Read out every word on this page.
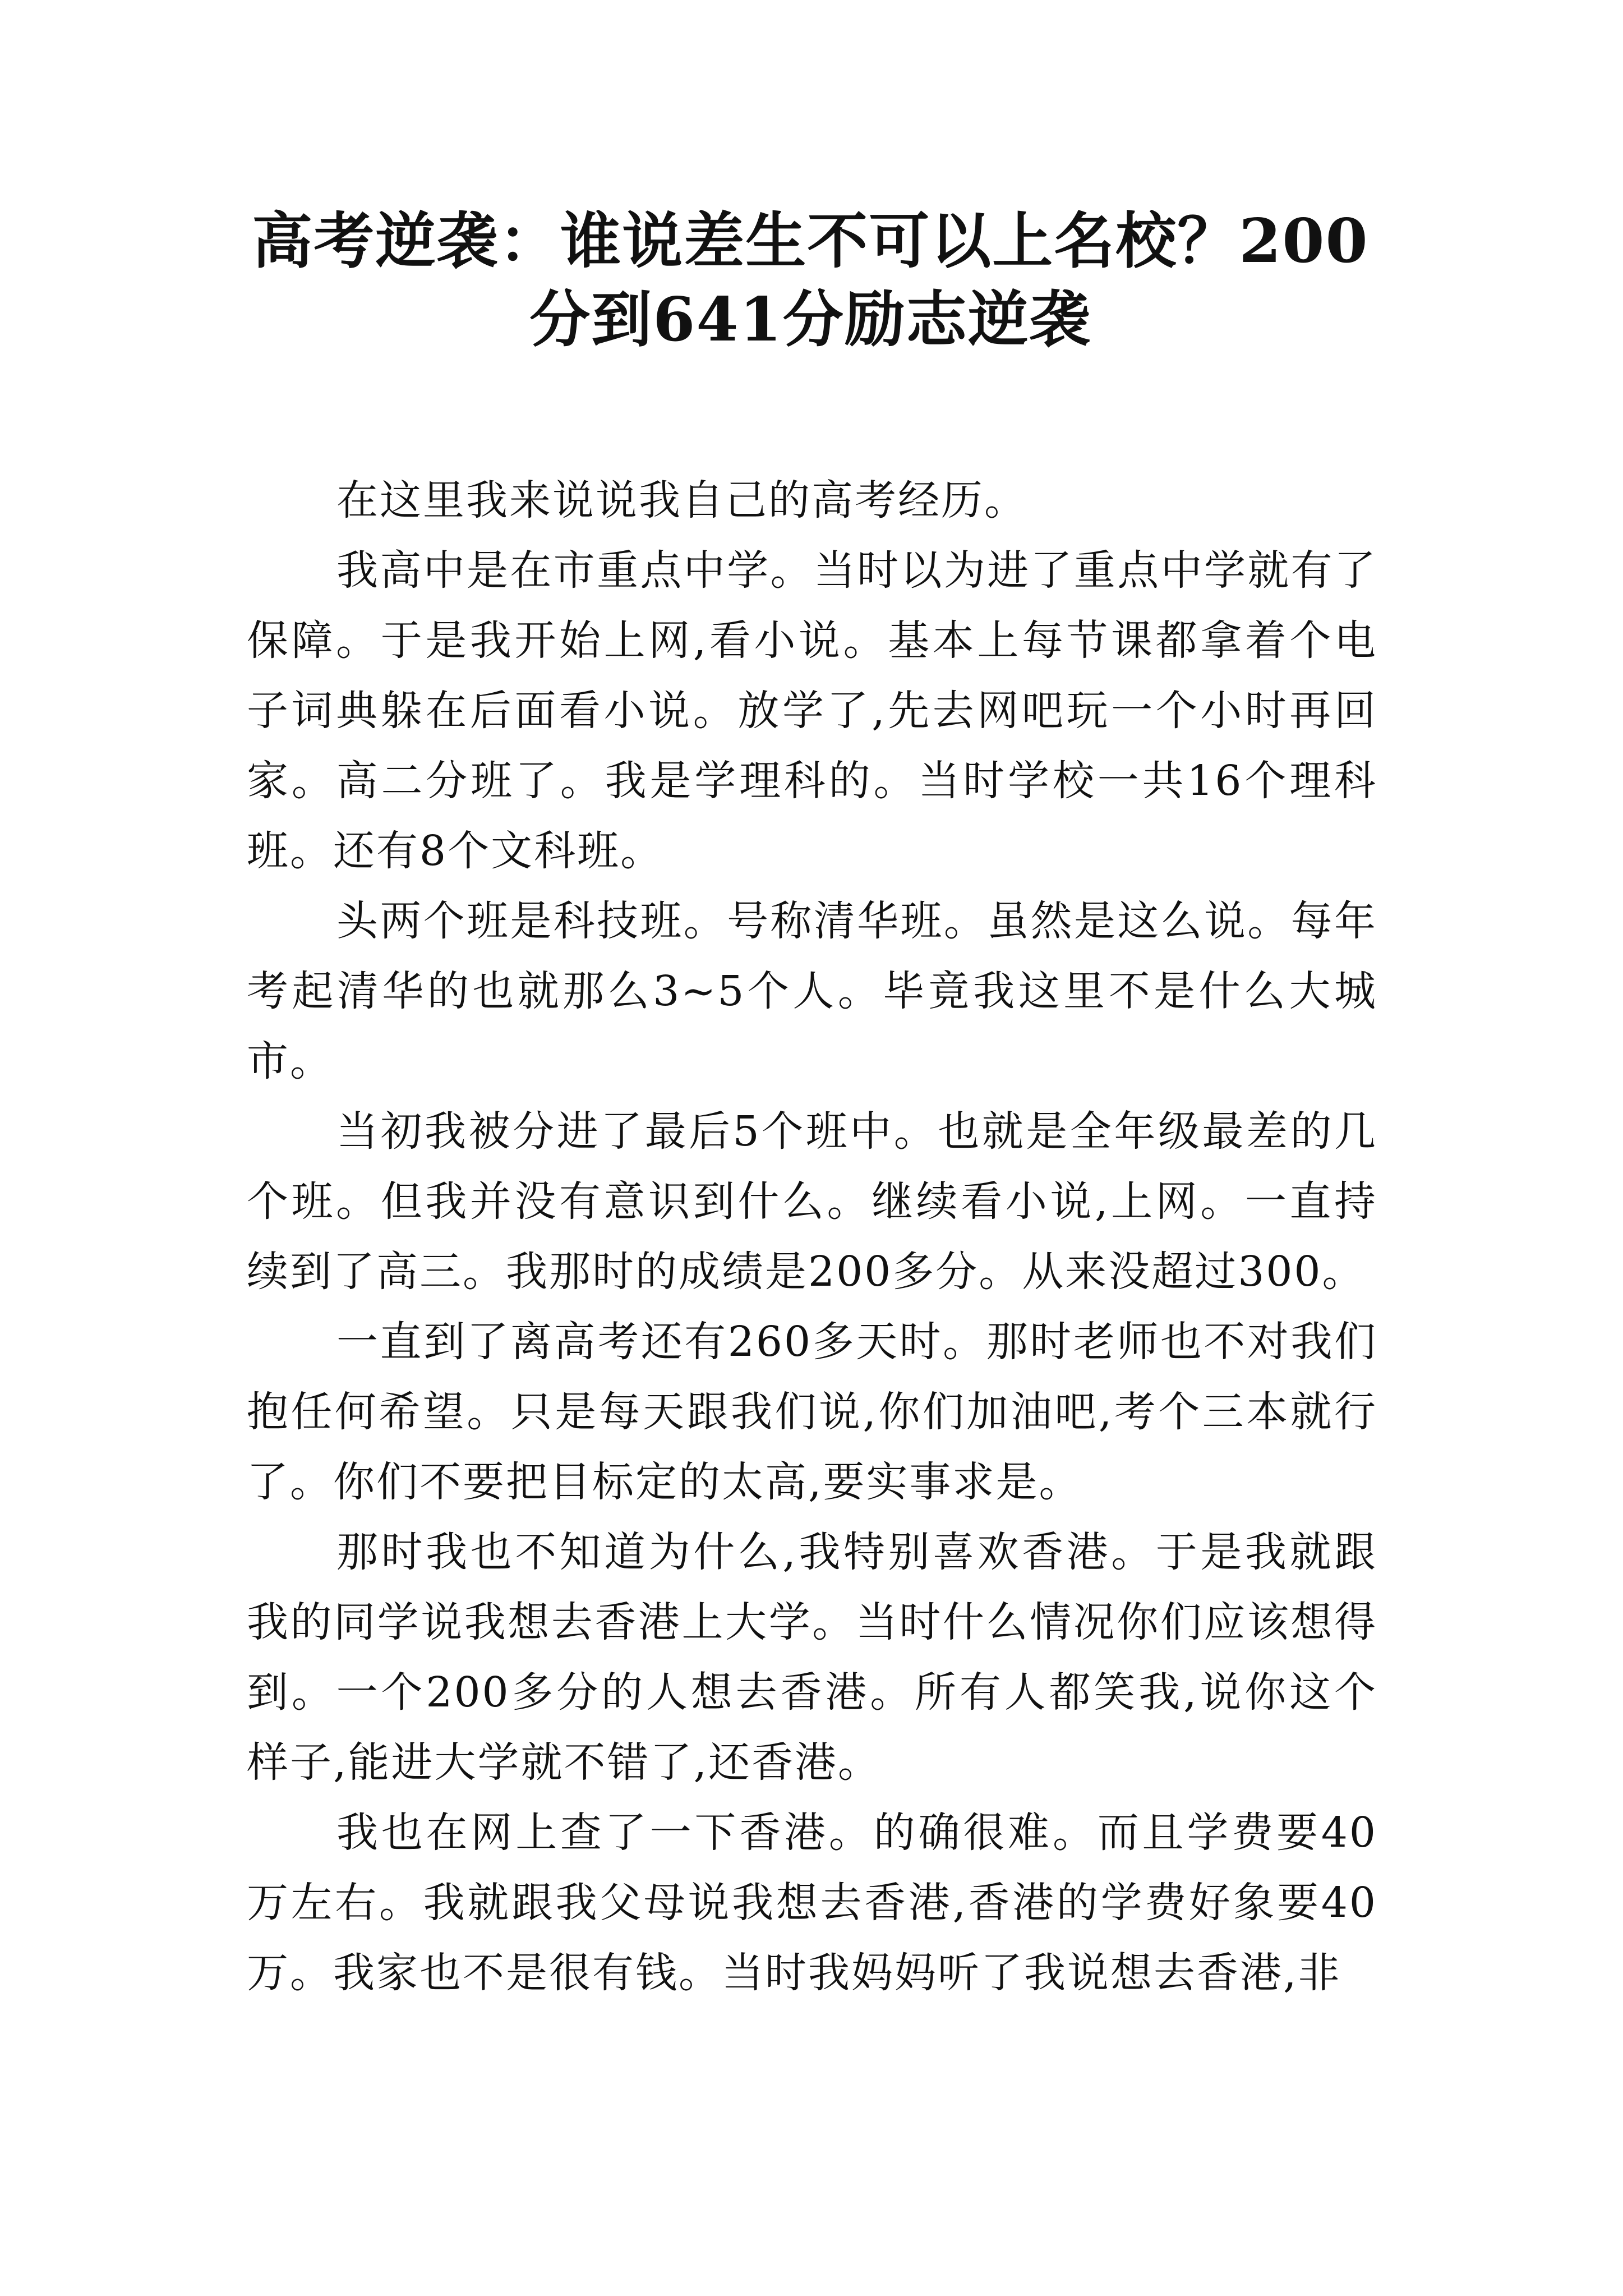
高考逆袭：谁说差生不可以上名校？200分到641分励志逆袭

在这里我来说说我自己的高考经历。

我高中是在市重点中学。当时以为进了重点中学就有了保障。于是我开始上网,看小说。基本上每节课都拿着个电子词典躲在后面看小说。放学了,先去网吧玩一个小时再回家。高二分班了。我是学理科的。当时学校一共16个理科班。还有8个文科班。

头两个班是科技班。号称清华班。虽然是这么说。每年考起清华的也就那么3~5个人。毕竟我这里不是什么大城市。

当初我被分进了最后5个班中。也就是全年级最差的几个班。但我并没有意识到什么。继续看小说,上网。一直持续到了高三。我那时的成绩是200多分。从来没超过300。

一直到了离高考还有260多天时。那时老师也不对我们抱任何希望。只是每天跟我们说,你们加油吧,考个三本就行了。你们不要把目标定的太高,要实事求是。

那时我也不知道为什么,我特别喜欢香港。于是我就跟我的同学说我想去香港上大学。当时什么情况你们应该想得到。一个200多分的人想去香港。所有人都笑我,说你这个样子,能进大学就不错了,还香港。

我也在网上查了一下香港。的确很难。而且学费要40万左右。我就跟我父母说我想去香港,香港的学费好象要40万。我家也不是很有钱。当时我妈妈听了我说想去香港,非
